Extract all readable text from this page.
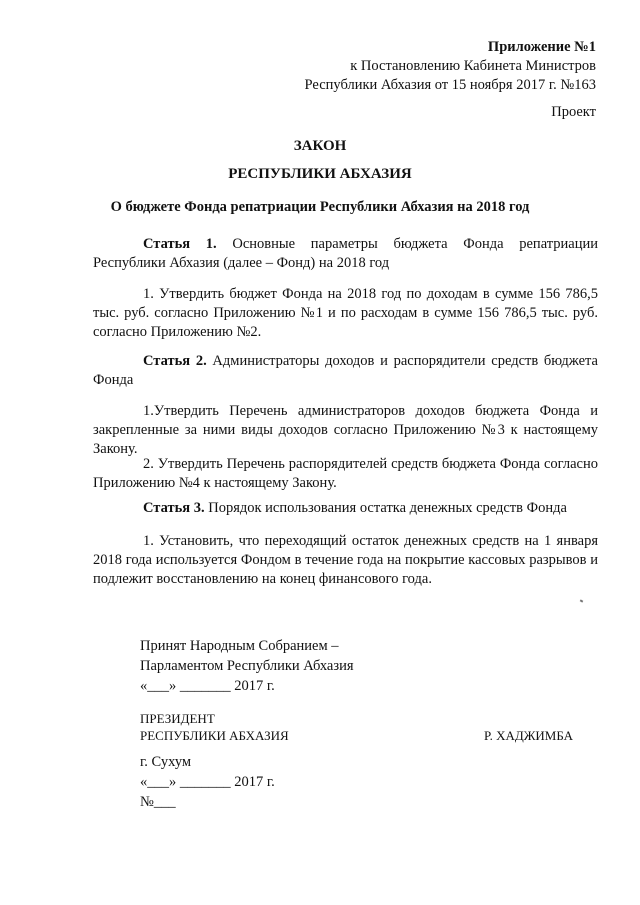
Приложение №1
к Постановлению Кабинета Министров
Республики Абхазия от 15 ноября 2017 г. №163
Проект
ЗАКОН
РЕСПУБЛИКИ АБХАЗИЯ
О бюджете Фонда репатриации Республики Абхазия на 2018 год
Статья 1. Основные параметры бюджета Фонда репатриации Республики Абхазия (далее – Фонд) на 2018 год
1. Утвердить бюджет Фонда на 2018 год по доходам в сумме 156 786,5 тыс. руб. согласно Приложению №1 и по расходам в сумме 156 786,5 тыс. руб. согласно Приложению №2.
Статья 2. Администраторы доходов и распорядители средств бюджета Фонда
1.Утвердить Перечень администраторов доходов бюджета Фонда и закрепленные за ними виды доходов согласно Приложению №3 к настоящему Закону.
2. Утвердить Перечень распорядителей средств бюджета Фонда согласно Приложению №4 к настоящему Закону.
Статья 3. Порядок использования остатка денежных средств Фонда
1. Установить, что переходящий остаток денежных средств на 1 января 2018 года используется Фондом в течение года на покрытие кассовых разрывов и подлежит восстановлению на конец финансового года.
Принят Народным Собранием –
Парламентом Республики Абхазия
«___» _______ 2017 г.
ПРЕЗИДЕНТ
РЕСПУБЛИКИ АБХАЗИЯ	Р. ХАДЖИМБА
г. Сухум
«___» _______ 2017 г.
№___
